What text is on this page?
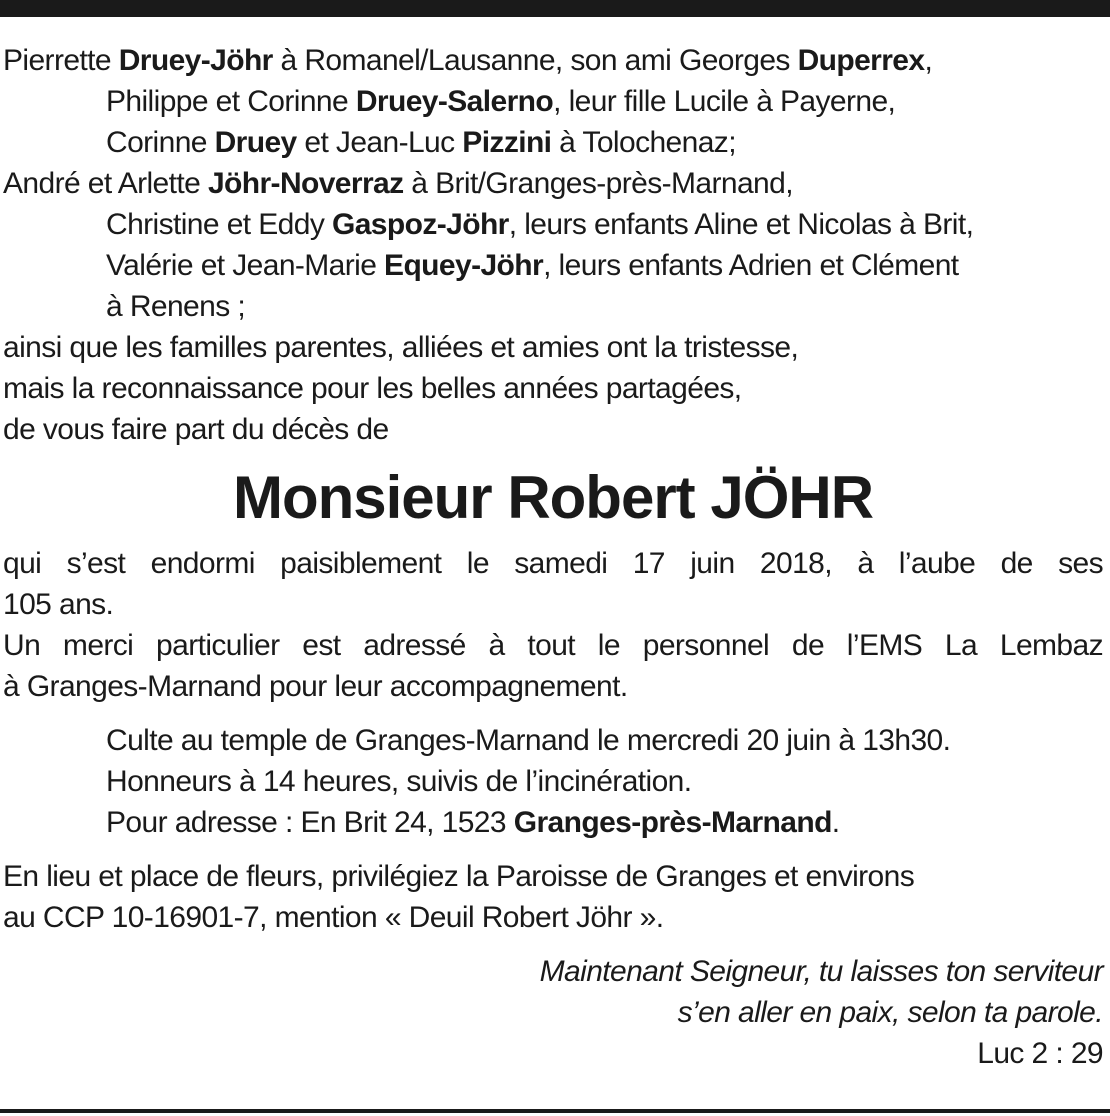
Pierrette Druey-Jöhr à Romanel/Lausanne, son ami Georges Duperrex,
Philippe et Corinne Druey-Salerno, leur fille Lucile à Payerne,
Corinne Druey et Jean-Luc Pizzini à Tolochenaz;
André et Arlette Jöhr-Noverraz à Brit/Granges-près-Marnand,
Christine et Eddy Gaspoz-Jöhr, leurs enfants Aline et Nicolas à Brit,
Valérie et Jean-Marie Equey-Jöhr, leurs enfants Adrien et Clément
à Renens ;
ainsi que les familles parentes, alliées et amies ont la tristesse,
mais la reconnaissance pour les belles années partagées,
de vous faire part du décès de
Monsieur Robert JÖHR
qui s’est endormi paisiblement le samedi 17 juin 2018, à l’aube de ses
105 ans.
Un merci particulier est adressé à tout le personnel de l’EMS La Lembaz
à Granges-Marnand pour leur accompagnement.
Culte au temple de Granges-Marnand le mercredi 20 juin à 13h30.
Honneurs à 14 heures, suivis de l’incinération.
Pour adresse : En Brit 24, 1523 Granges-près-Marnand.
En lieu et place de fleurs, privilégiez la Paroisse de Granges et environs
au CCP 10-16901-7, mention « Deuil Robert Jöhr ».
Maintenant Seigneur, tu laisses ton serviteur
s’en aller en paix, selon ta parole.
Luc 2 : 29
